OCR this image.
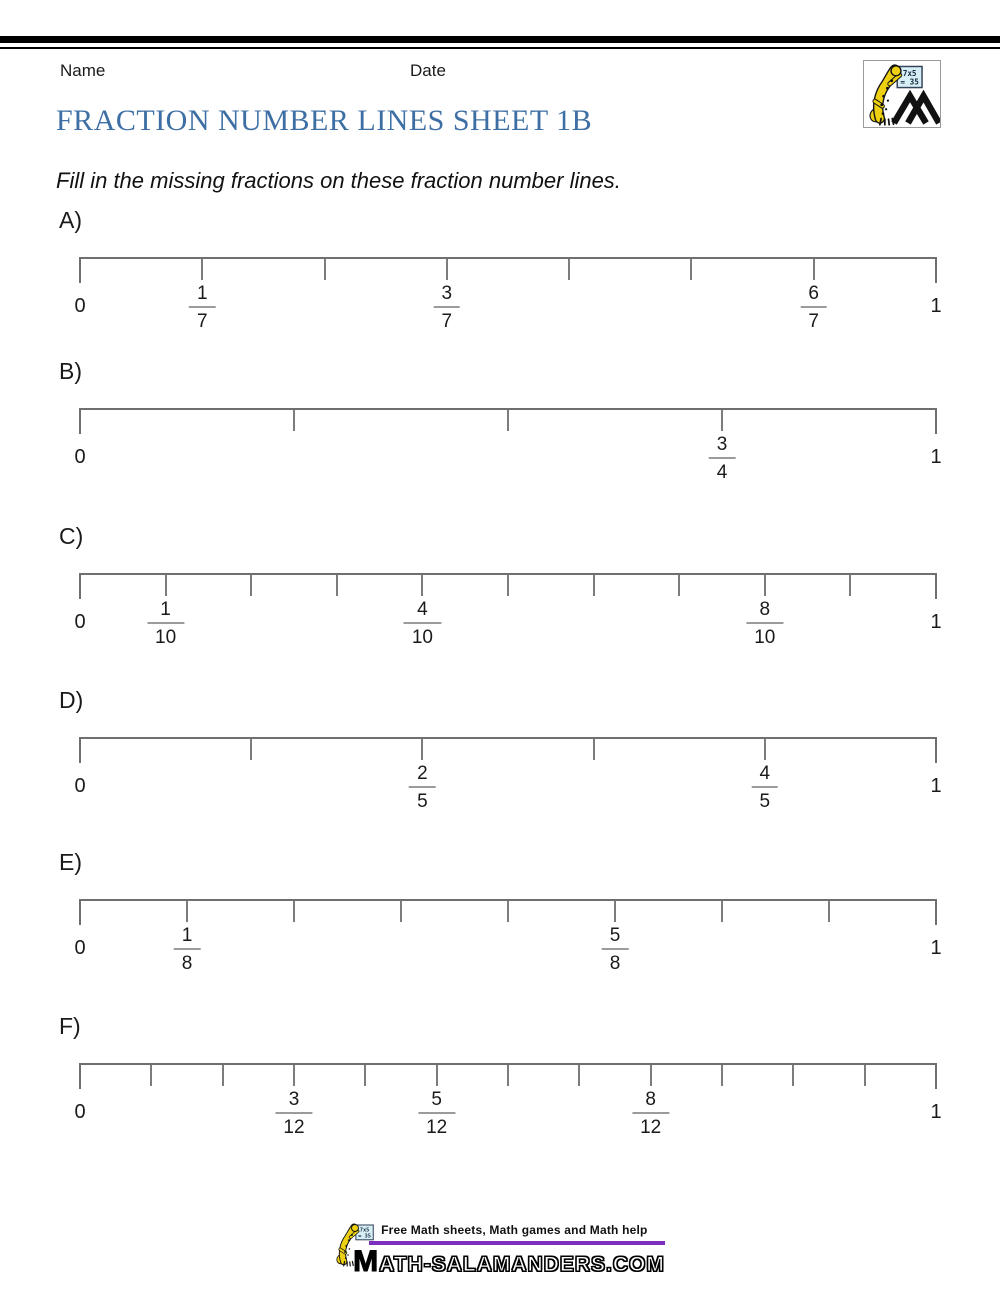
Name	Date
FRACTION NUMBER LINES SHEET 1B

Fill in the missing fractions on these fraction number lines.

A)
0	1
1
7
3
7
6
7
B)
0	1
3
4
C)
0	1
1
10
4
10
8
10
D)
0	1
2
5
4
5
E)
0	1
1
8
5
8
F)
0	1
3
12
5
12
8
12
Free Math sheets, Math games and Math help
MATH-SALAMANDERS.COM
